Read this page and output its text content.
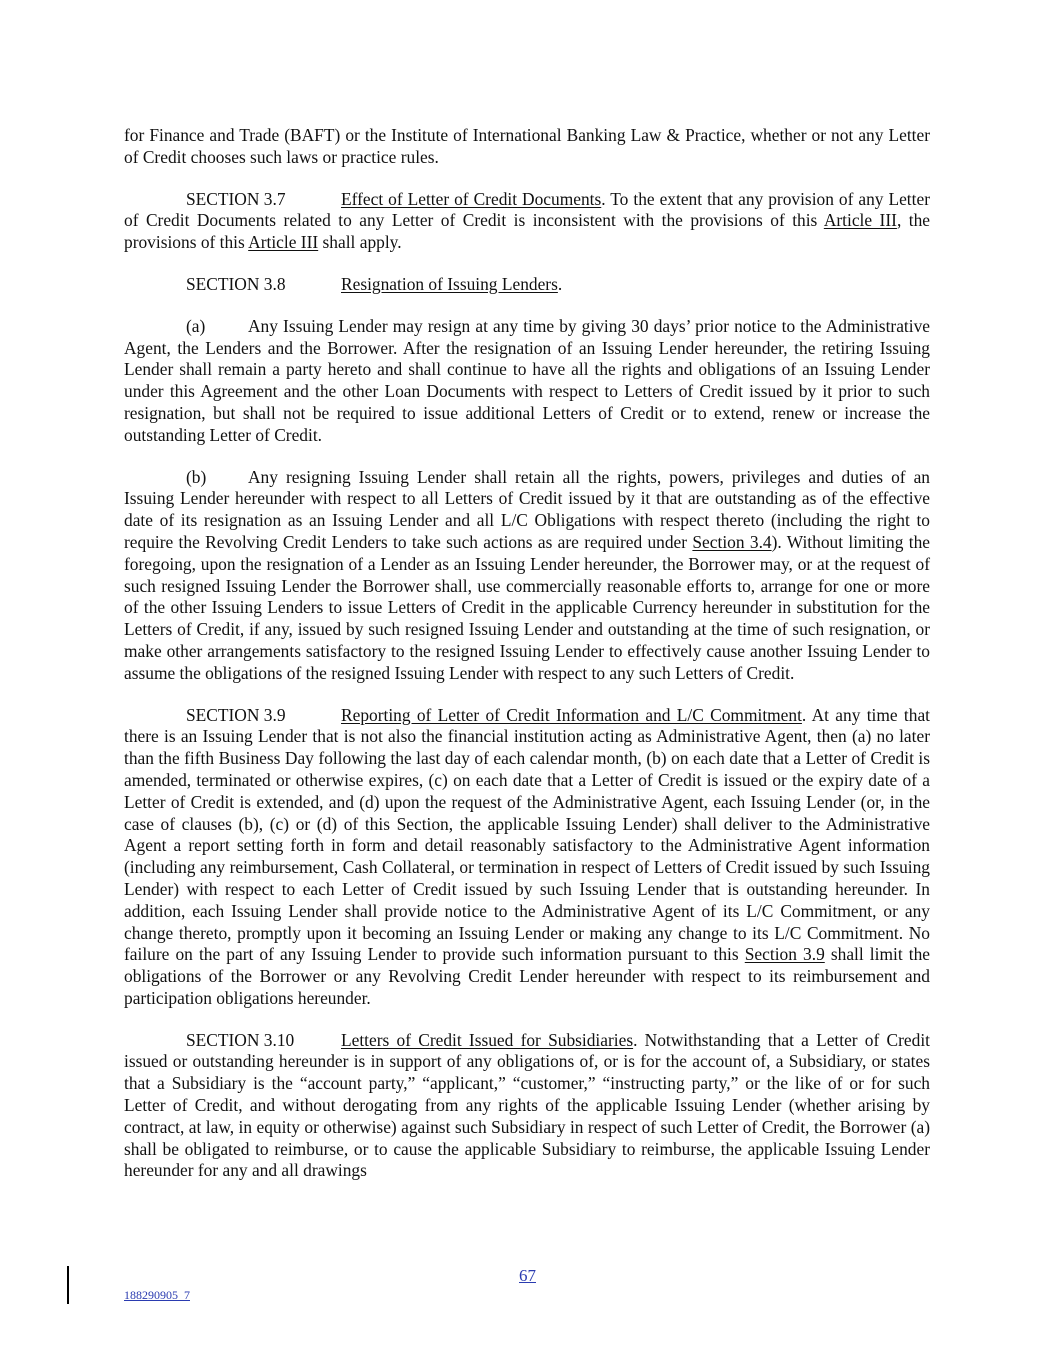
for Finance and Trade (BAFT) or the Institute of International Banking Law & Practice, whether or not any Letter of Credit chooses such laws or practice rules.

SECTION 3.7	Effect of Letter of Credit Documents. To the extent that any provision of any Letter of Credit Documents related to any Letter of Credit is inconsistent with the provisions of this Article III, the provisions of this Article III shall apply.

SECTION 3.8	Resignation of Issuing Lenders.

(a) Any Issuing Lender may resign at any time by giving 30 days’ prior notice to the Administrative Agent, the Lenders and the Borrower. After the resignation of an Issuing Lender hereunder, the retiring Issuing Lender shall remain a party hereto and shall continue to have all the rights and obligations of an Issuing Lender under this Agreement and the other Loan Documents with respect to Letters of Credit issued by it prior to such resignation, but shall not be required to issue additional Letters of Credit or to extend, renew or increase the outstanding Letter of Credit.

(b) Any resigning Issuing Lender shall retain all the rights, powers, privileges and duties of an Issuing Lender hereunder with respect to all Letters of Credit issued by it that are outstanding as of the effective date of its resignation as an Issuing Lender and all L/C Obligations with respect thereto (including the right to require the Revolving Credit Lenders to take such actions as are required under Section 3.4). Without limiting the foregoing, upon the resignation of a Lender as an Issuing Lender hereunder, the Borrower may, or at the request of such resigned Issuing Lender the Borrower shall, use commercially reasonable efforts to, arrange for one or more of the other Issuing Lenders to issue Letters of Credit in the applicable Currency hereunder in substitution for the Letters of Credit, if any, issued by such resigned Issuing Lender and outstanding at the time of such resignation, or make other arrangements satisfactory to the resigned Issuing Lender to effectively cause another Issuing Lender to assume the obligations of the resigned Issuing Lender with respect to any such Letters of Credit.

SECTION 3.9	Reporting of Letter of Credit Information and L/C Commitment. At any time that there is an Issuing Lender that is not also the financial institution acting as Administrative Agent, then (a) no later than the fifth Business Day following the last day of each calendar month, (b) on each date that a Letter of Credit is amended, terminated or otherwise expires, (c) on each date that a Letter of Credit is issued or the expiry date of a Letter of Credit is extended, and (d) upon the request of the Administrative Agent, each Issuing Lender (or, in the case of clauses (b), (c) or (d) of this Section, the applicable Issuing Lender) shall deliver to the Administrative Agent a report setting forth in form and detail reasonably satisfactory to the Administrative Agent information (including any reimbursement, Cash Collateral, or termination in respect of Letters of Credit issued by such Issuing Lender) with respect to each Letter of Credit issued by such Issuing Lender that is outstanding hereunder. In addition, each Issuing Lender shall provide notice to the Administrative Agent of its L/C Commitment, or any change thereto, promptly upon it becoming an Issuing Lender or making any change to its L/C Commitment. No failure on the part of any Issuing Lender to provide such information pursuant to this Section 3.9 shall limit the obligations of the Borrower or any Revolving Credit Lender hereunder with respect to its reimbursement and participation obligations hereunder.

SECTION 3.10	Letters of Credit Issued for Subsidiaries. Notwithstanding that a Letter of Credit issued or outstanding hereunder is in support of any obligations of, or is for the account of, a Subsidiary, or states that a Subsidiary is the “account party,” “applicant,” “customer,” “instructing party,” or the like of or for such Letter of Credit, and without derogating from any rights of the applicable Issuing Lender (whether arising by contract, at law, in equity or otherwise) against such Subsidiary in respect of such Letter of Credit, the Borrower (a) shall be obligated to reimburse, or to cause the applicable Subsidiary to reimburse, the applicable Issuing Lender hereunder for any and all drawings

67
188290905_7
